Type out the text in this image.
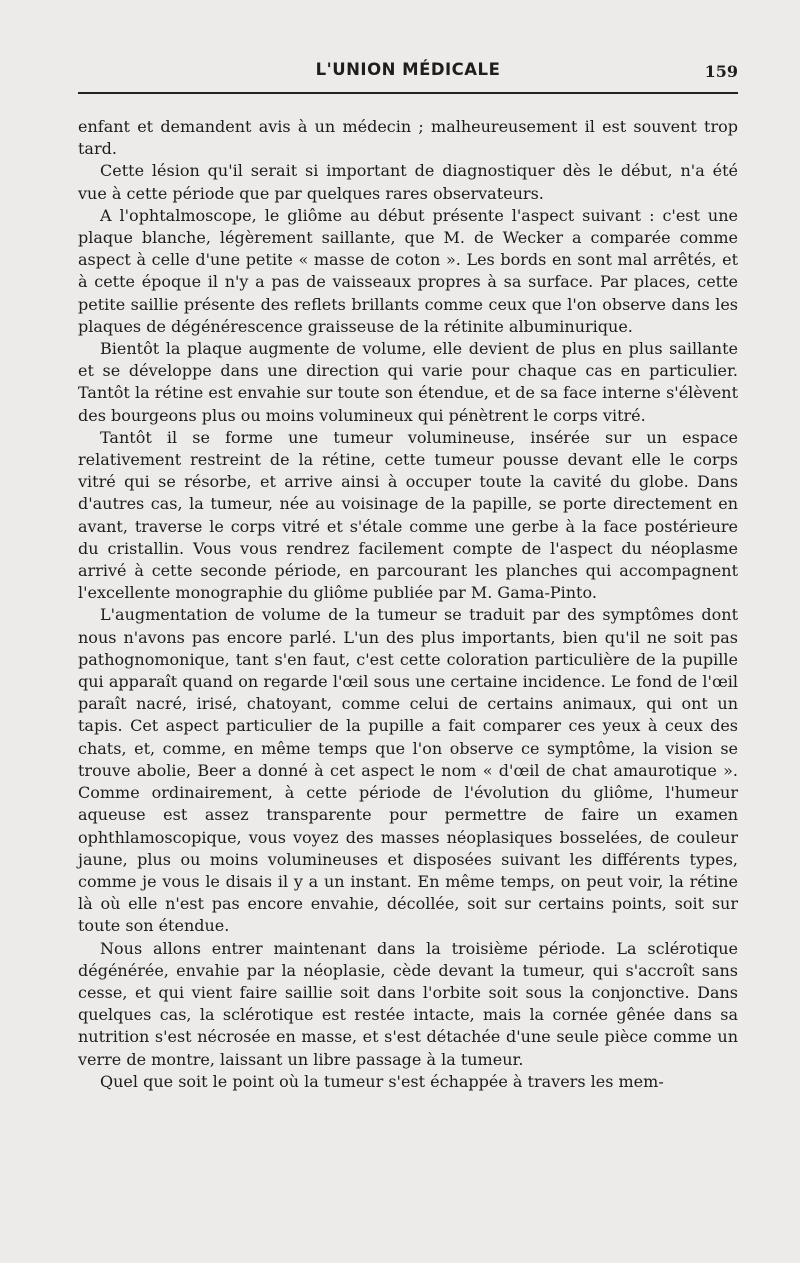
L'UNION MÉDICALE	159

enfant et demandent avis à un médecin ; malheureusement il est souvent trop tard.

Cette lésion qu'il serait si important de diagnostiquer dès le début, n'a été vue à cette période que par quelques rares observateurs.

A l'ophtalmoscope, le gliôme au début présente l'aspect suivant : c'est une plaque blanche, légèrement saillante, que M. de Wecker a comparée comme aspect à celle d'une petite « masse de coton ». Les bords en sont mal arrêtés, et à cette époque il n'y a pas de vaisseaux propres à sa surface. Par places, cette petite saillie présente des reflets brillants comme ceux que l'on observe dans les plaques de dégénérescence graisseuse de la rétinite albuminurique.

Bientôt la plaque augmente de volume, elle devient de plus en plus saillante et se développe dans une direction qui varie pour chaque cas en particulier. Tantôt la rétine est envahie sur toute son étendue, et de sa face interne s'élèvent des bourgeons plus ou moins volumineux qui pénètrent le corps vitré.

Tantôt il se forme une tumeur volumineuse, insérée sur un espace relativement restreint de la rétine, cette tumeur pousse devant elle le corps vitré qui se résorbe, et arrive ainsi à occuper toute la cavité du globe. Dans d'autres cas, la tumeur, née au voisinage de la papille, se porte directement en avant, traverse le corps vitré et s'étale comme une gerbe à la face postérieure du cristallin. Vous vous rendrez facilement compte de l'aspect du néoplasme arrivé à cette seconde période, en parcourant les planches qui accompagnent l'excellente monographie du gliôme publiée par M. Gama-Pinto.

L'augmentation de volume de la tumeur se traduit par des symptômes dont nous n'avons pas encore parlé. L'un des plus importants, bien qu'il ne soit pas pathognomonique, tant s'en faut, c'est cette coloration particulière de la pupille qui apparaît quand on regarde l'œil sous une certaine incidence. Le fond de l'œil paraît nacré, irisé, chatoyant, comme celui de certains animaux, qui ont un tapis. Cet aspect particulier de la pupille a fait comparer ces yeux à ceux des chats, et, comme, en même temps que l'on observe ce symptôme, la vision se trouve abolie, Beer a donné à cet aspect le nom « d'œil de chat amaurotique ». Comme ordinairement, à cette période de l'évolution du gliôme, l'humeur aqueuse est assez transparente pour permettre de faire un examen ophthlamoscopique, vous voyez des masses néoplasiques bosselées, de couleur jaune, plus ou moins volumineuses et disposées suivant les différents types, comme je vous le disais il y a un instant. En même temps, on peut voir, la rétine là où elle n'est pas encore envahie, décollée, soit sur certains points, soit sur toute son étendue.

Nous allons entrer maintenant dans la troisième période. La sclérotique dégénérée, envahie par la néoplasie, cède devant la tumeur, qui s'accroît sans cesse, et qui vient faire saillie soit dans l'orbite soit sous la conjonctive. Dans quelques cas, la sclérotique est restée intacte, mais la cornée gênée dans sa nutrition s'est nécrosée en masse, et s'est détachée d'une seule pièce comme un verre de montre, laissant un libre passage à la tumeur.

Quel que soit le point où la tumeur s'est échappée à travers les mem-
